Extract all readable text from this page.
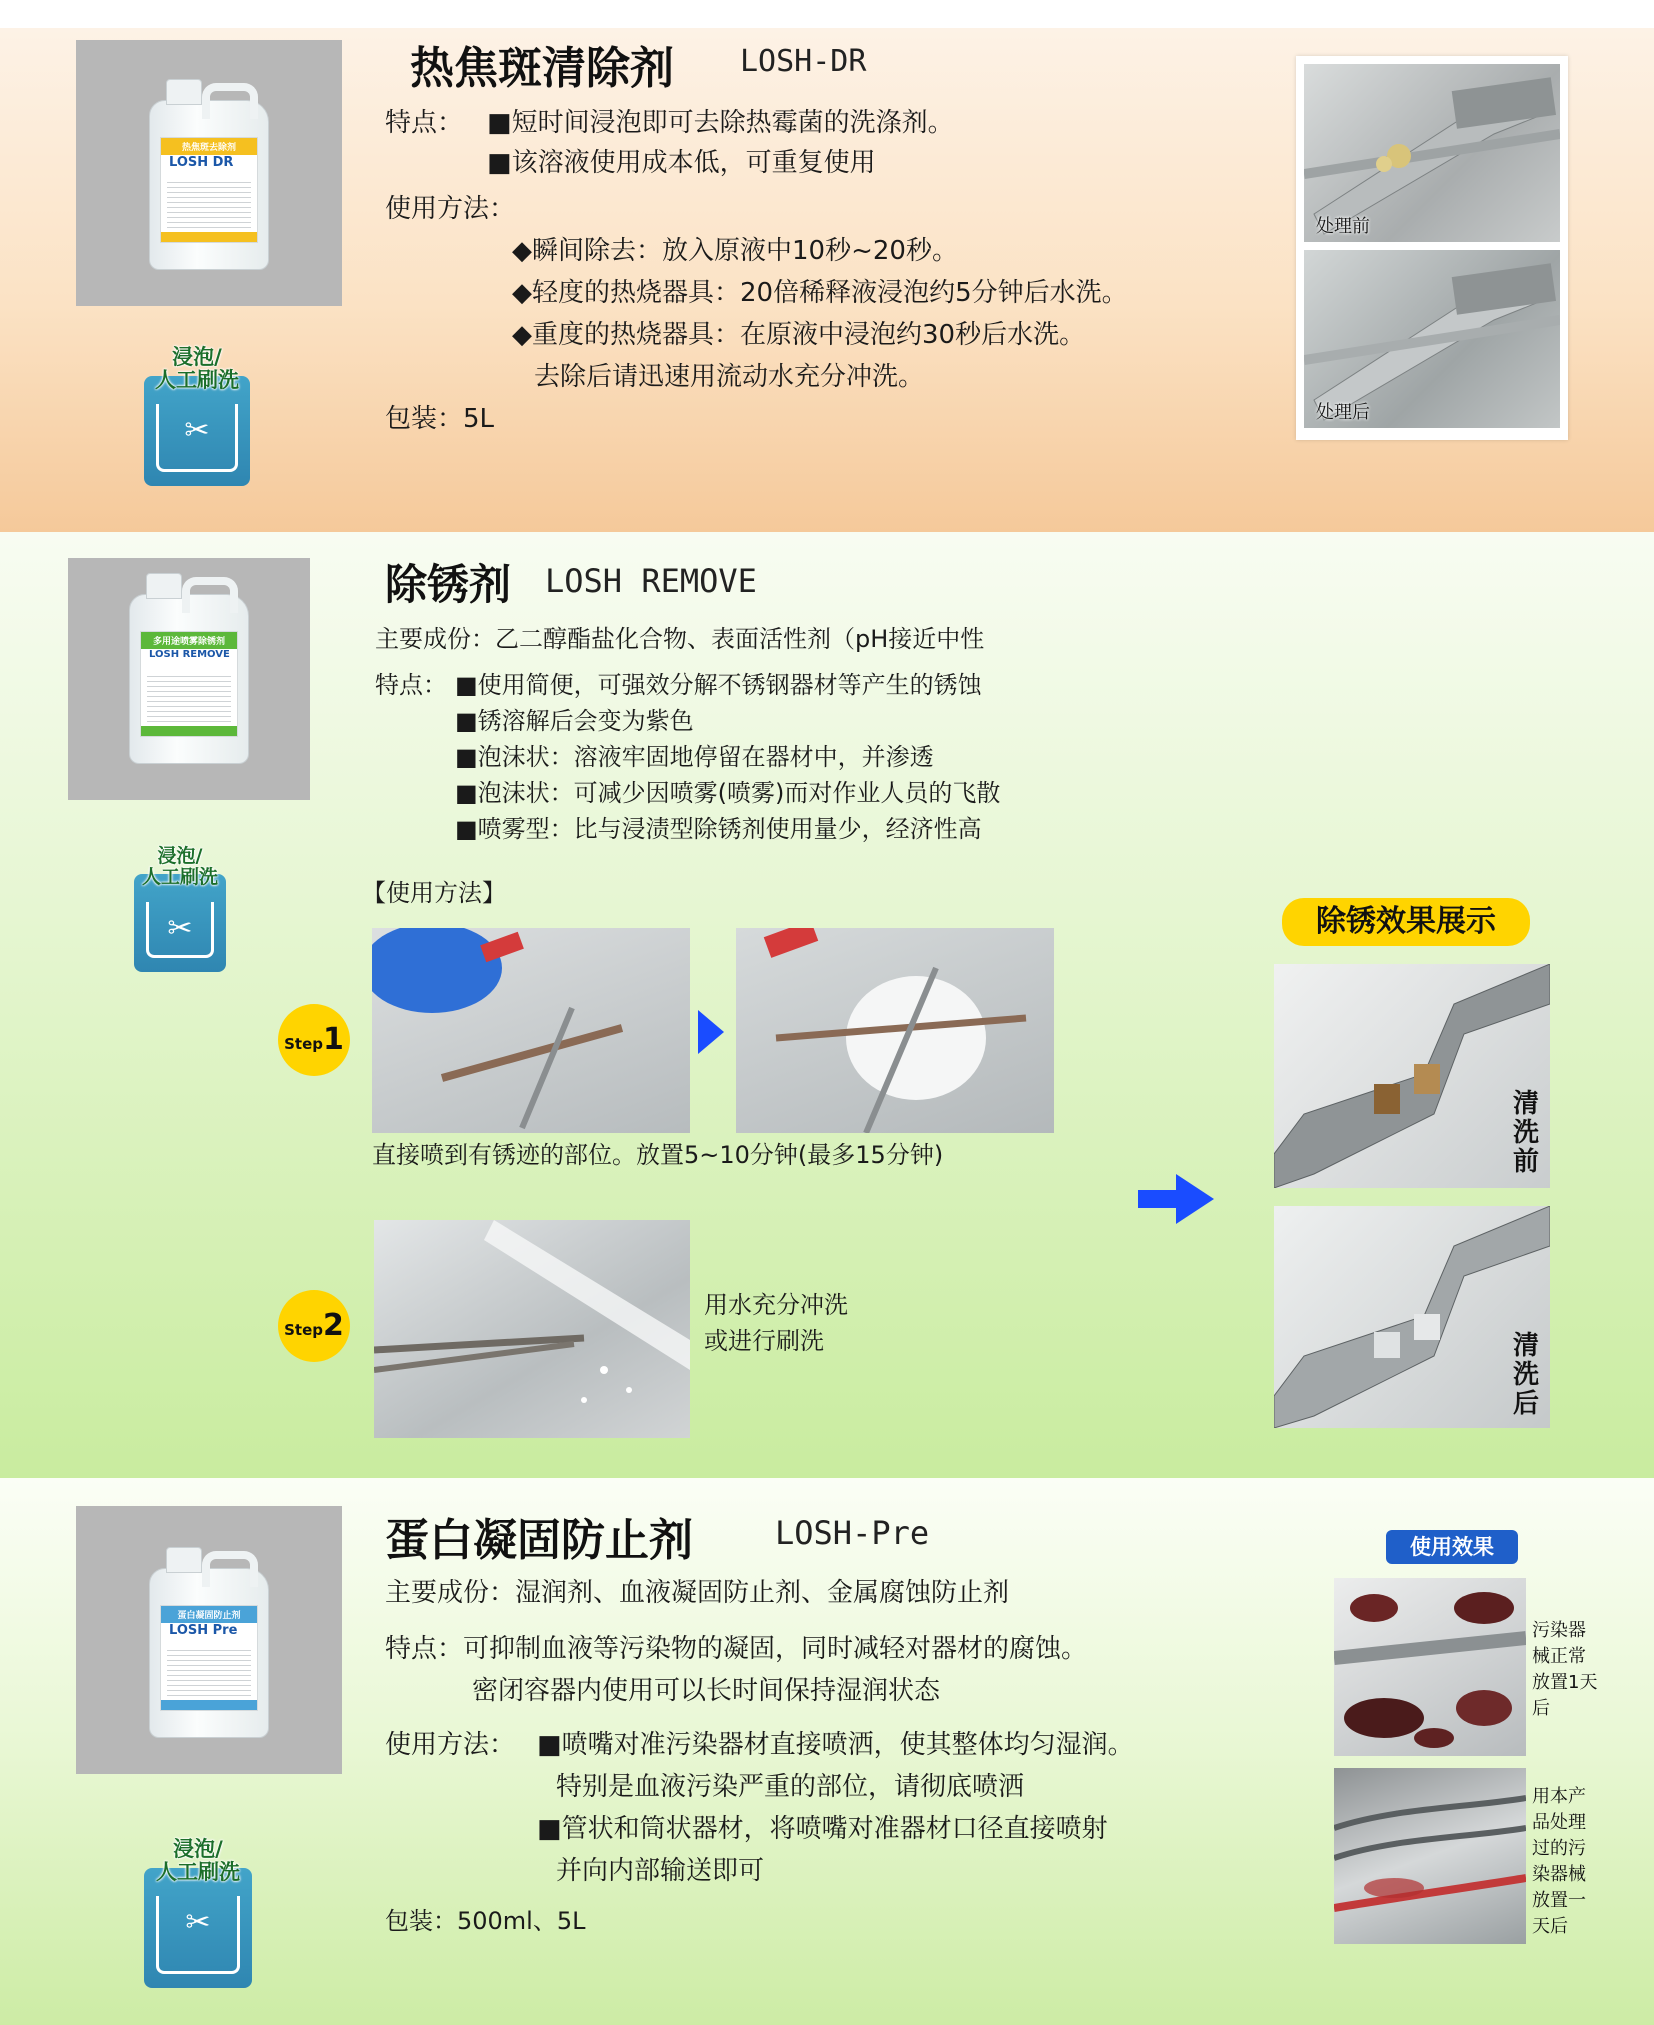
热焦斑去除剂
LOSH DR
浸泡/
人工刷洗
✂
热焦斑清除剂 LOSH-DR
特点： ■短时间浸泡即可去除热霉菌的洗涤剂。
■该溶液使用成本低，可重复使用
使用方法：
◆瞬间除去：放入原液中10秒~20秒。
◆轻度的热烧器具：20倍稀释液浸泡约5分钟后水洗。
◆重度的热烧器具：在原液中浸泡约30秒后水洗。
去除后请迅速用流动水充分冲洗。
包装：5L
处理前
处理后
多用途喷雾除锈剂
LOSH REMOVE
浸泡/
人工刷洗
✂
除锈剂 LOSH REMOVE
主要成份：乙二醇酯盐化合物、表面活性剂（pH接近中性
特点： ■使用简便，可强效分解不锈钢器材等产生的锈蚀
■锈溶解后会变为紫色
■泡沫状：溶液牢固地停留在器材中，并渗透
■泡沫状：可减少因喷雾(喷雾)而对作业人员的飞散
■喷雾型：比与浸渍型除锈剂使用量少，经济性高
【使用方法】
Step1
直接喷到有锈迹的部位。放置5~10分钟(最多15分钟)
Step2
用水充分冲洗
或进行刷洗
除锈效果展示
清洗前
清洗后
蛋白凝固防止剂
LOSH Pre
浸泡/
人工刷洗
✂
蛋白凝固防止剂	LOSH-Pre
主要成份：湿润剂、血液凝固防止剂、金属腐蚀防止剂
特点：可抑制血液等污染物的凝固，同时减轻对器材的腐蚀。
密闭容器内使用可以长时间保持湿润状态
使用方法： ■喷嘴对准污染器材直接喷洒，使其整体均匀湿润。
特别是血液污染严重的部位，请彻底喷洒
■管状和筒状器材，将喷嘴对准器材口径直接喷射
并向内部输送即可
包装：500ml、5L
使用效果
污染器械正常放置1天后
用本产品处理过的污染器械放置一天后
